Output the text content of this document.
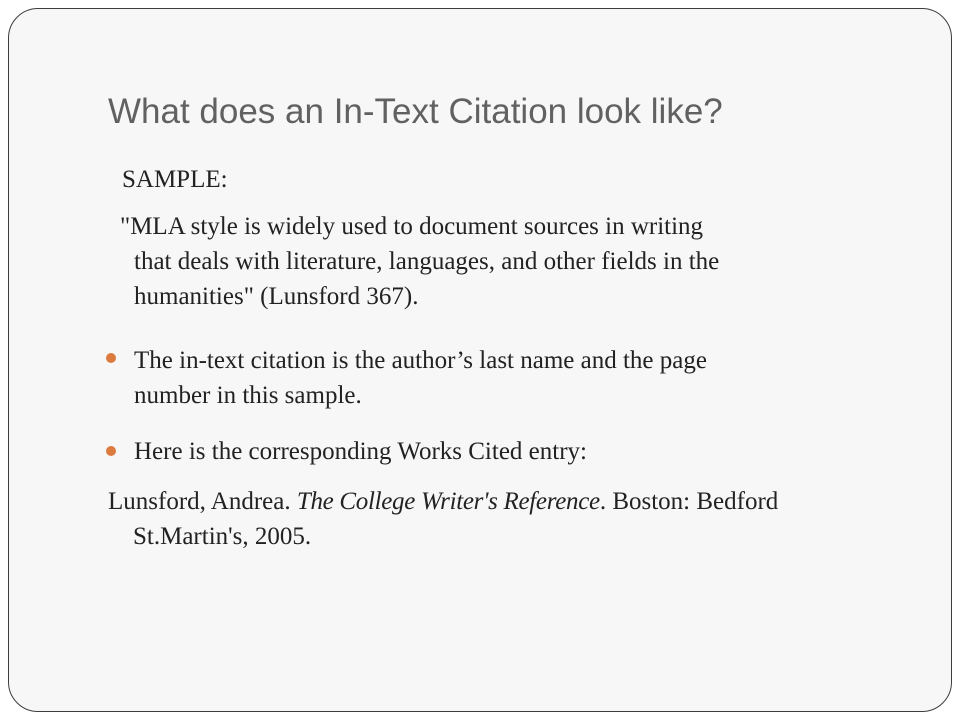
What does an In-Text Citation look like?
SAMPLE:
"MLA style is widely used to document sources in writing
that deals with literature, languages, and other fields in the
humanities" (Lunsford 367).
The in-text citation is the author’s last name and the page
number in this sample.
Here is the corresponding Works Cited entry:
Lunsford, Andrea. The College Writer's Reference. Boston: Bedford
St.Martin's, 2005.
